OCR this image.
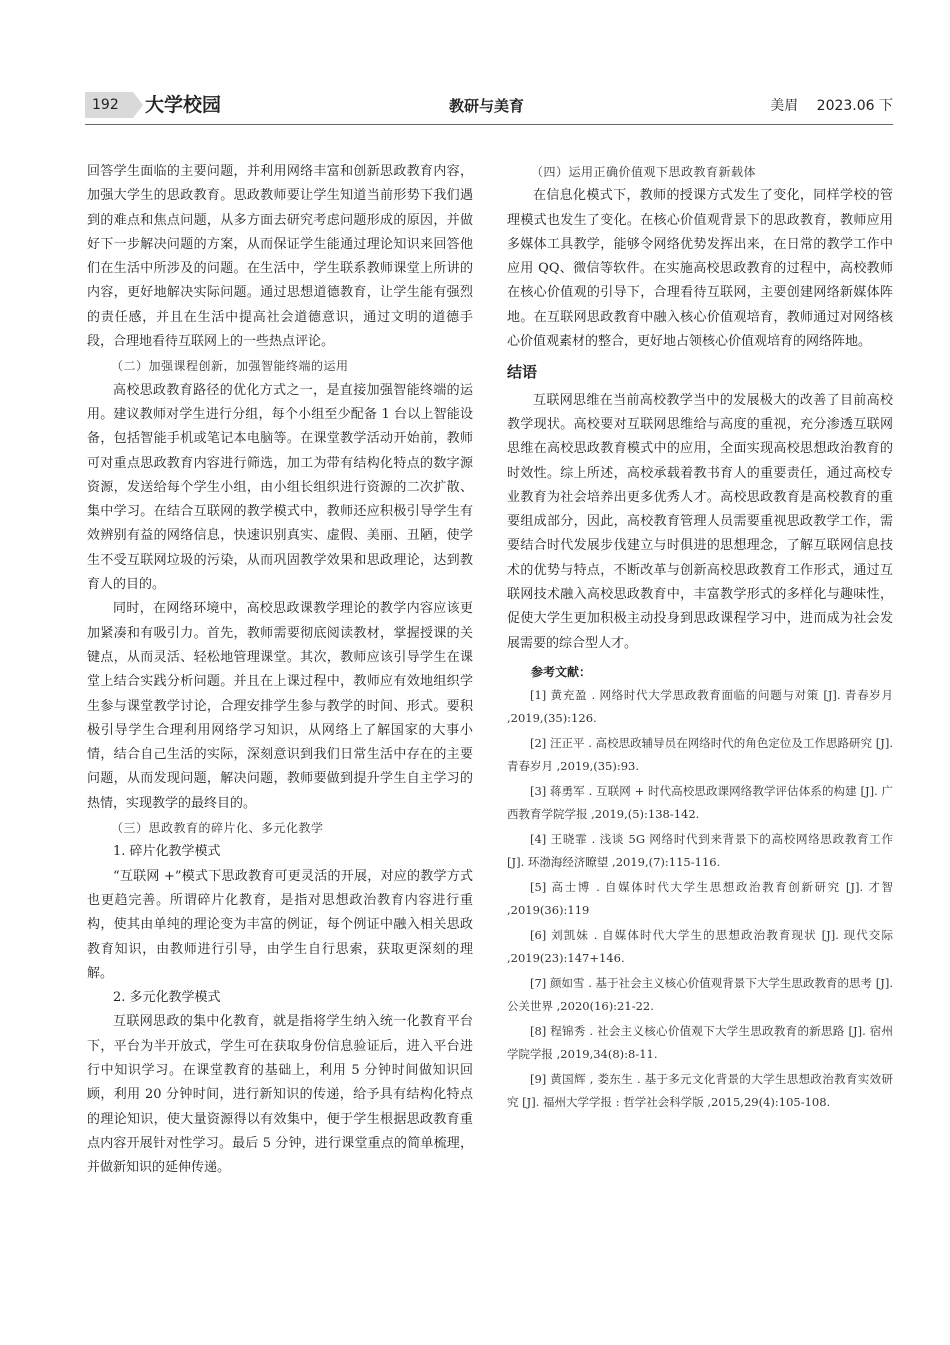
192 大学校园	教研与美育	美眉 2023.06 下

回答学生面临的主要问题，并利用网络丰富和创新思政教育内容，加强大学生的思政教育。思政教师要让学生知道当前形势下我们遇到的难点和焦点问题，从多方面去研究考虑问题形成的原因，并做好下一步解决问题的方案，从而保证学生能通过理论知识来回答他们在生活中所涉及的问题。在生活中，学生联系教师课堂上所讲的内容，更好地解决实际问题。通过思想道德教育，让学生能有强烈的责任感，并且在生活中提高社会道德意识，通过文明的道德手段，合理地看待互联网上的一些热点评论。

（二）加强课程创新，加强智能终端的运用

高校思政教育路径的优化方式之一，是直接加强智能终端的运用。建议教师对学生进行分组，每个小组至少配备 1 台以上智能设备，包括智能手机或笔记本电脑等。在课堂教学活动开始前，教师可对重点思政教育内容进行筛选，加工为带有结构化特点的数字源资源，发送给每个学生小组，由小组长组织进行资源的二次扩散、集中学习。在结合互联网的教学模式中，教师还应积极引导学生有效辨别有益的网络信息，快速识别真实、虚假、美丽、丑陋，使学生不受互联网垃圾的污染，从而巩固教学效果和思政理论，达到教育人的目的。

同时，在网络环境中，高校思政课教学理论的教学内容应该更加紧凑和有吸引力。首先，教师需要彻底阅读教材，掌握授课的关键点，从而灵活、轻松地管理课堂。其次，教师应该引导学生在课堂上结合实践分析问题。并且在上课过程中，教师应有效地组织学生参与课堂教学讨论，合理安排学生参与教学的时间、形式。要积极引导学生合理利用网络学习知识，从网络上了解国家的大事小情，结合自己生活的实际，深刻意识到我们日常生活中存在的主要问题，从而发现问题，解决问题，教师要做到提升学生自主学习的热情，实现教学的最终目的。

（三）思政教育的碎片化、多元化教学

1. 碎片化教学模式

“互联网 +”模式下思政教育可更灵活的开展，对应的教学方式也更趋完善。所谓碎片化教育，是指对思想政治教育内容进行重构，使其由单纯的理论变为丰富的例证，每个例证中融入相关思政教育知识，由教师进行引导，由学生自行思索，获取更深刻的理解。

2. 多元化教学模式

互联网思政的集中化教育，就是指将学生纳入统一化教育平台下，平台为半开放式，学生可在获取身份信息验证后，进入平台进行中知识学习。在课堂教育的基础上，利用 5 分钟时间做知识回顾，利用 20 分钟时间，进行新知识的传递，给予具有结构化特点的理论知识，使大量资源得以有效集中，便于学生根据思政教育重点内容开展针对性学习。最后 5 分钟，进行课堂重点的简单梳理，并做新知识的延伸传递。

（四）运用正确价值观下思政教育新载体

在信息化模式下，教师的授课方式发生了变化，同样学校的管理模式也发生了变化。在核心价值观背景下的思政教育，教师应用多媒体工具教学，能够令网络优势发挥出来，在日常的教学工作中应用 QQ、微信等软件。在实施高校思政教育的过程中，高校教师在核心价值观的引导下，合理看待互联网，主要创建网络新媒体阵地。在互联网思政教育中融入核心价值观培育，教师通过对网络核心价值观素材的整合，更好地占领核心价值观培育的网络阵地。

结语

互联网思维在当前高校教学当中的发展极大的改善了目前高校教学现状。高校要对互联网思维给与高度的重视，充分渗透互联网思维在高校思政教育模式中的应用，全面实现高校思想政治教育的时效性。综上所述，高校承载着教书育人的重要责任，通过高校专业教育为社会培养出更多优秀人才。高校思政教育是高校教育的重要组成部分，因此，高校教育管理人员需要重视思政教学工作，需要结合时代发展步伐建立与时俱进的思想理念，了解互联网信息技术的优势与特点，不断改革与创新高校思政教育工作形式，通过互联网技术融入高校思政教育中，丰富教学形式的多样化与趣味性，促使大学生更加积极主动投身到思政课程学习中，进而成为社会发展需要的综合型人才。

参考文献：

[1] 黄充盈 . 网络时代大学思政教育面临的问题与对策 [J]. 青春岁月 ,2019,(35):126.

[2] 汪正平 . 高校思政辅导员在网络时代的角色定位及工作思路研究 [J]. 青春岁月 ,2019,(35):93.

[3] 蒋勇军 . 互联网 + 时代高校思政课网络教学评估体系的构建 [J]. 广西教育学院学报 ,2019,(5):138-142.

[4] 王晓霏 . 浅谈 5G 网络时代到来背景下的高校网络思政教育工作 [J]. 环渤海经济瞭望 ,2019,(7):115-116.

[5] 高士博 . 自媒体时代大学生思想政治教育创新研究 [J]. 才智 ,2019(36):119

[6] 刘凯妹 . 自媒体时代大学生的思想政治教育现状 [J]. 现代交际 ,2019(23):147+146.

[7] 颜如雪 . 基于社会主义核心价值观背景下大学生思政教育的思考 [J]. 公关世界 ,2020(16):21-22.

[8] 程锦秀 . 社会主义核心价值观下大学生思政教育的新思路 [J]. 宿州学院学报 ,2019,34(8):8-11.

[9] 黄国辉 , 娄东生 . 基于多元文化背景的大学生思想政治教育实效研究 [J]. 福州大学学报 : 哲学社会科学版 ,2015,29(4):105-108.
